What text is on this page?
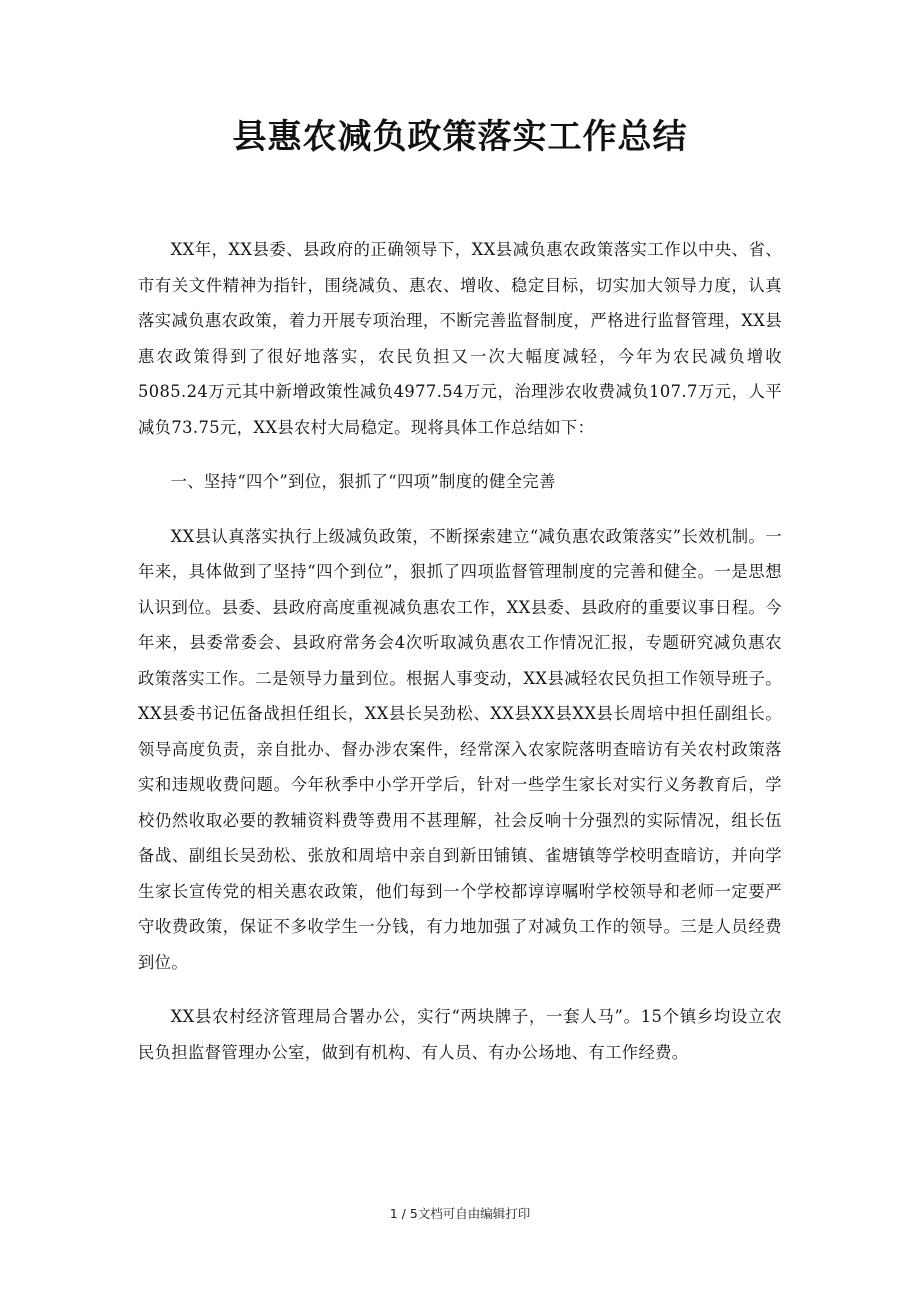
县惠农减负政策落实工作总结

XX年，XX县委、县政府的正确领导下，XX县减负惠农政策落实工作以中央、省、市有关文件精神为指针，围绕减负、惠农、增收、稳定目标，切实加大领导力度，认真落实减负惠农政策，着力开展专项治理，不断完善监督制度，严格进行监督管理，XX县惠农政策得到了很好地落实，农民负担又一次大幅度减轻，今年为农民减负增收5085.24万元其中新增政策性减负4977.54万元，治理涉农收费减负107.7万元，人平减负73.75元，XX县农村大局稳定。现将具体工作总结如下：

一、坚持“四个”到位，狠抓了“四项”制度的健全完善

XX县认真落实执行上级减负政策，不断探索建立“减负惠农政策落实”长效机制。一年来，具体做到了坚持“四个到位”，狠抓了四项监督管理制度的完善和健全。一是思想认识到位。县委、县政府高度重视减负惠农工作，XX县委、县政府的重要议事日程。今年来，县委常委会、县政府常务会4次听取减负惠农工作情况汇报，专题研究减负惠农政策落实工作。二是领导力量到位。根据人事变动，XX县减轻农民负担工作领导班子。XX县委书记伍备战担任组长，XX县长吴劲松、XX县XX县XX县长周培中担任副组长。领导高度负责，亲自批办、督办涉农案件，经常深入农家院落明查暗访有关农村政策落实和违规收费问题。今年秋季中小学开学后，针对一些学生家长对实行义务教育后，学校仍然收取必要的教辅资料费等费用不甚理解，社会反响十分强烈的实际情况，组长伍备战、副组长吴劲松、张放和周培中亲自到新田铺镇、雀塘镇等学校明查暗访，并向学生家长宣传党的相关惠农政策，他们每到一个学校都谆谆嘱咐学校领导和老师一定要严守收费政策，保证不多收学生一分钱，有力地加强了对减负工作的领导。三是人员经费到位。

XX县农村经济管理局合署办公，实行“两块牌子，一套人马”。15个镇乡均设立农民负担监督管理办公室，做到有机构、有人员、有办公场地、有工作经费。

1 / 5文档可自由编辑打印
